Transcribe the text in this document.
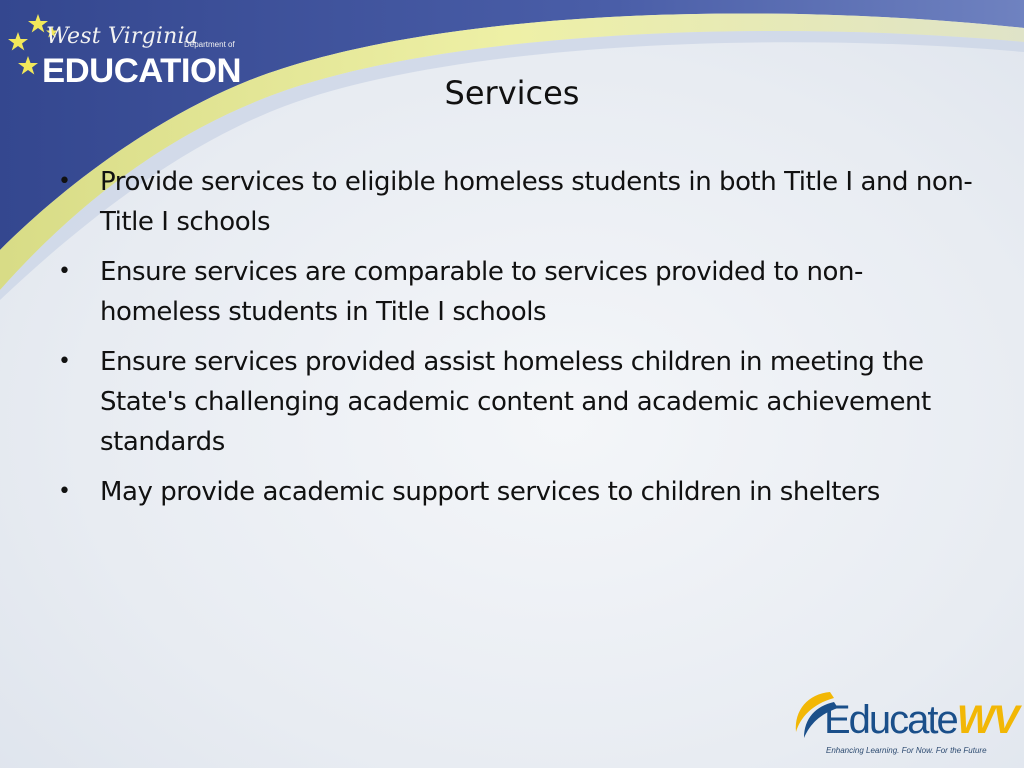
West Virginia
Department of
EDUCATION
Services
• Provide services to eligible homeless students in both Title I and non-Title I schools
• Ensure services are comparable to services provided to non-homeless students in Title I schools
• Ensure services provided assist homeless children in meeting the State's challenging academic content and academic achievement standards
• May provide academic support services to children in shelters
EducateWV
Enhancing Learning. For Now. For the Future
